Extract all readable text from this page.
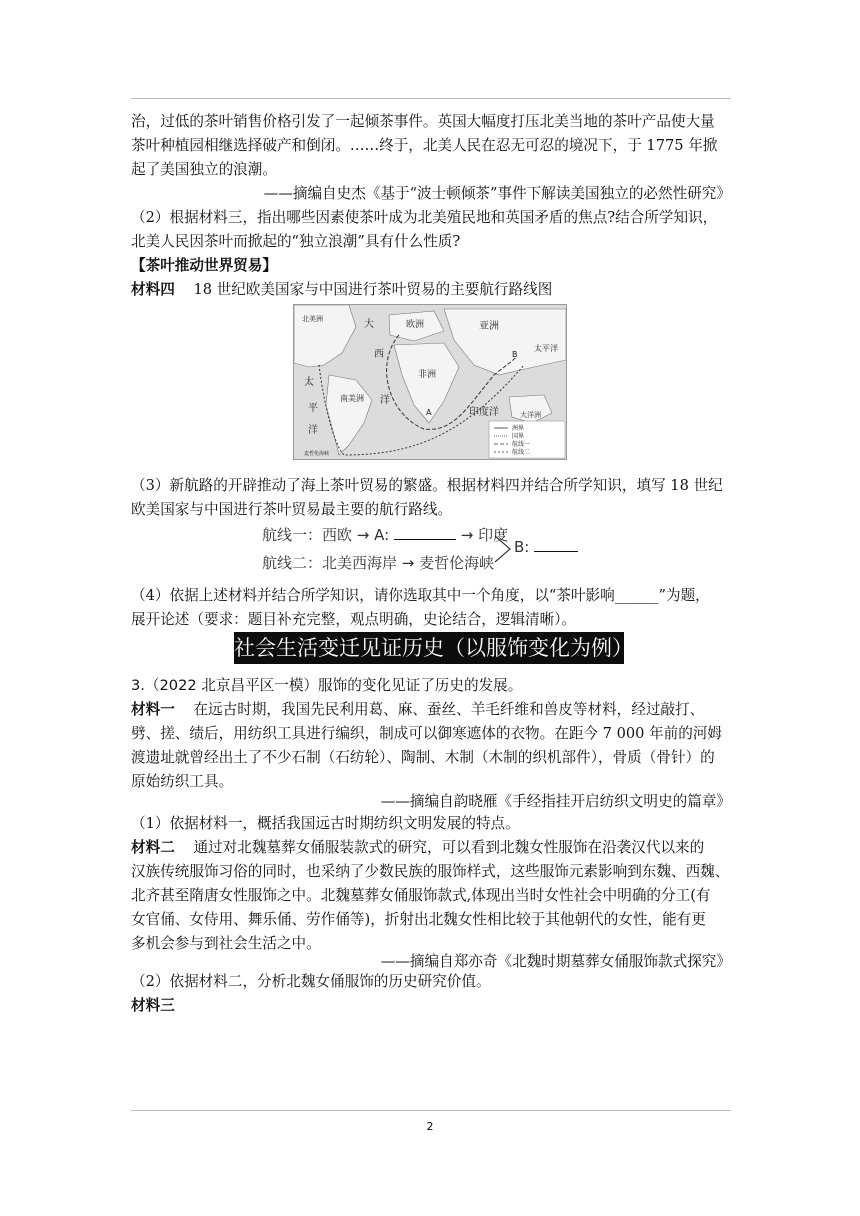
治，过低的茶叶销售价格引发了一起倾茶事件。英国大幅度打压北美当地的茶叶产品使大量
茶叶种植园相继选择破产和倒闭。……终于，北美人民在忍无可忍的境况下，于 1775 年掀
起了美国独立的浪潮。
——摘编自史杰《基于“波士顿倾茶”事件下解读美国独立的必然性研究》
（2）根据材料三，指出哪些因素使茶叶成为北美殖民地和英国矛盾的焦点?结合所学知识，
北美人民因茶叶而掀起的“独立浪潮”具有什么性质?
【茶叶推动世界贸易】
材料四 18 世纪欧美国家与中国进行茶叶贸易的主要航行路线图
北美洲	大	欧洲	亚洲
太平洋
西
非洲
南美洲 洋
印度洋	大洋洲
太
平
洋
A
B
麦哲伦海峡
洲界
国界
航线一
航线二
（3）新航路的开辟推动了海上茶叶贸易的繁盛。根据材料四并结合所学知识，填写 18 世纪
欧美国家与中国进行茶叶贸易最主要的航行路线。
航线一：西欧 → A:	→ 印度
航线二：北美西海岸 → 麦哲伦海峡
B:
（4）依据上述材料并结合所学知识，请你选取其中一个角度，以“茶叶影响______”为题，
展开论述（要求：题目补充完整，观点明确，史论结合，逻辑清晰）。
社会生活变迁见证历史（以服饰变化为例）
3.（2022 北京昌平区一模）服饰的变化见证了历史的发展。
材料一 在远古时期，我国先民利用葛、麻、蚕丝、羊毛纤维和兽皮等材料，经过敲打、
劈、搓、绩后，用纺织工具进行编织，制成可以御寒遮体的衣物。在距今 7 000 年前的河姆
渡遗址就曾经出土了不少石制（石纺轮）、陶制、木制（木制的织机部件），骨质（骨针）的
原始纺织工具。
——摘编自韵晓雁《手经指挂开启纺织文明史的篇章》
（1）依据材料一，概括我国远古时期纺织文明发展的特点。
材料二 通过对北魏墓葬女俑服装款式的研究，可以看到北魏女性服饰在沿袭汉代以来的
汉族传统服饰习俗的同时，也采纳了少数民族的服饰样式，这些服饰元素影响到东魏、西魏、
北齐甚至隋唐女性服饰之中。北魏墓葬女俑服饰款式,体现出当时女性社会中明确的分工(有
女官俑、女侍用、舞乐俑、劳作俑等)，折射出北魏女性相比较于其他朝代的女性，能有更
多机会参与到社会生活之中。
——摘编自郑亦奇《北魏时期墓葬女俑服饰款式探究》
（2）依据材料二，分析北魏女俑服饰的历史研究价值。
材料三
2
